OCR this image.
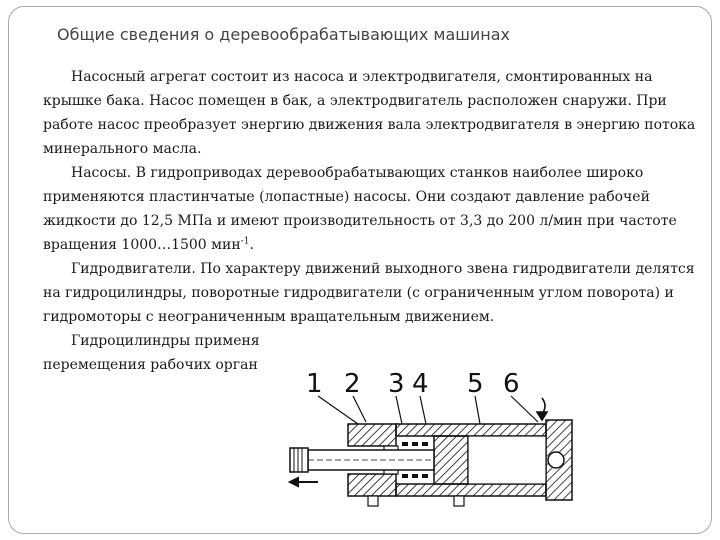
Общие сведения о деревообрабатывающих машинах

Насосный агрегат состоит из насоса и электродвигателя, смонтированных на крышке бака. Насос помещен в бак, а электродвигатель расположен снаружи. При работе насос преобразует энергию движения вала электродвигателя в энергию потока минерального масла.

Насосы. В гидроприводах деревообрабатывающих станков наиболее широко применяются пластинчатые (лопастные) насосы. Они создают давление рабочей жидкости до 12,5 МПа и имеют производительность от 3,3 до 200 л/мин при частоте вращения 1000…1500 мин$^{-1}$.

Гидродвигатели. По характеру движений выходного звена гидродвигатели делятся на гидроцилиндры, поворотные гидродвигатели (с ограниченным углом поворота) и гидромоторы с неограниченным вращательным движением.

Гидроцилиндры применя
перемещения рабочих орган

1 2 3 4 5 6
